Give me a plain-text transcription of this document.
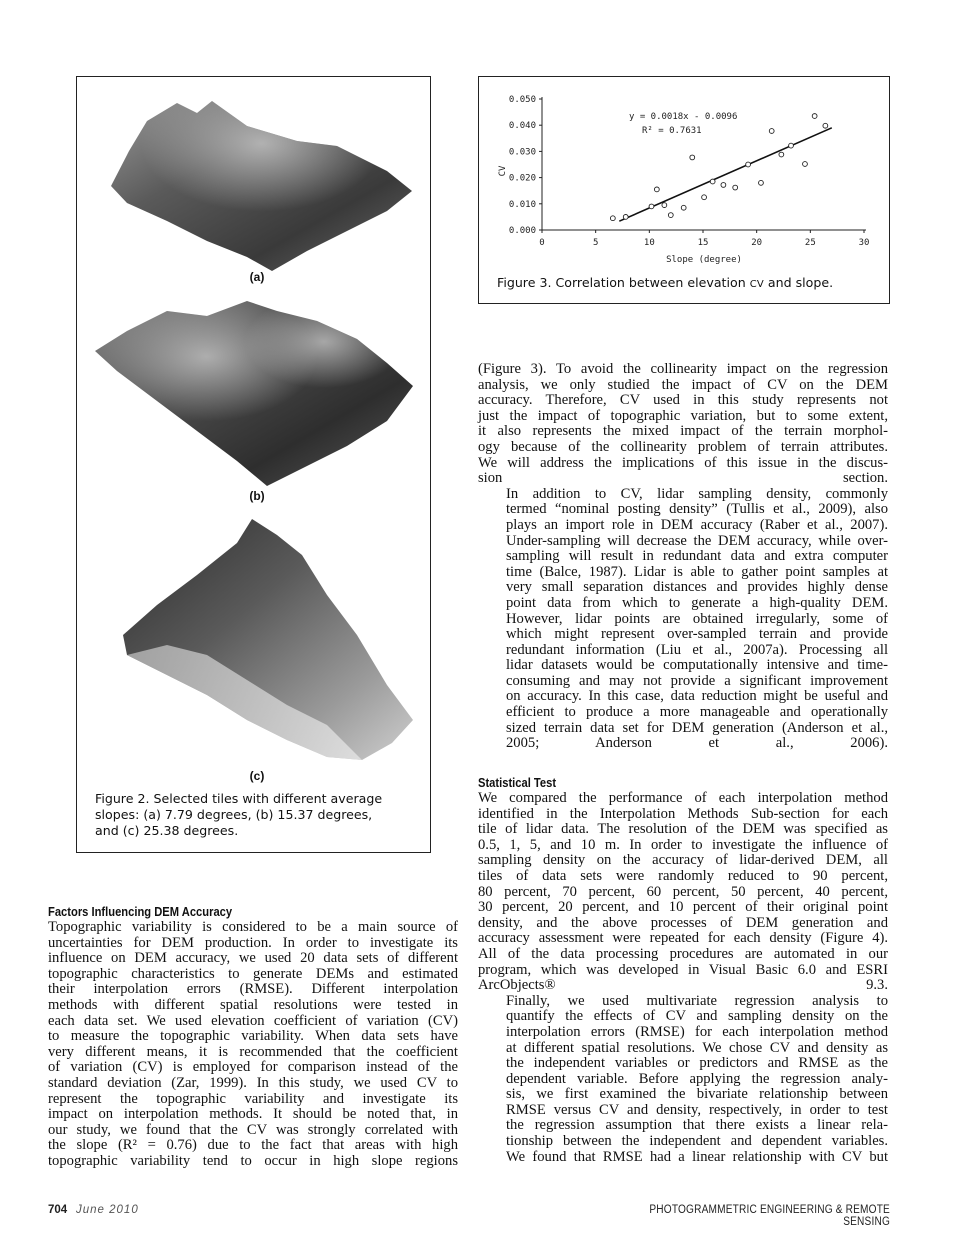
(a)
(b)
(c)
Figure 2. Selected tiles with different average
slopes: (a) 7.79 degrees, (b) 15.37 degrees,
and (c) 25.38 degrees.
0.000
0.010
0.020
0.030
0.040
0.050
0	5	10	15	20	25	30
y = 0.0018x - 0.0096
R² = 0.7631
CV
Slope (degree)
Figure 3. Correlation between elevation CV and slope.
Factors Influencing DEM Accuracy

Topographic variability is considered to be a main source of
uncertainties for DEM production. In order to investigate its
influence on DEM accuracy, we used 20 data sets of different
topographic characteristics to generate DEMs and estimated
their interpolation errors (RMSE). Different interpolation
methods with different spatial resolutions were tested in
each data set. We used elevation coefficient of variation (CV)
to measure the topographic variability. When data sets have
very different means, it is recommended that the coefficient
of variation (CV) is employed for comparison instead of the
standard deviation (Zar, 1999). In this study, we used CV to
represent the topographic variability and investigate its
impact on interpolation methods. It should be noted that, in
our study, we found that the CV was strongly correlated with
the slope (R² = 0.76) due to the fact that areas with high
topographic variability tend to occur in high slope regions

(Figure 3). To avoid the collinearity impact on the regression
analysis, we only studied the impact of CV on the DEM
accuracy. Therefore, CV used in this study represents not
just the impact of topographic variation, but to some extent,
it also represents the mixed impact of the terrain morphol-
ogy because of the collinearity problem of terrain attributes.
We will address the implications of this issue in the discus-
sion section.

In addition to CV, lidar sampling density, commonly
termed “nominal posting density” (Tullis et al., 2009), also
plays an import role in DEM accuracy (Raber et al., 2007).
Under-sampling will decrease the DEM accuracy, while over-
sampling will result in redundant data and extra computer
time (Balce, 1987). Lidar is able to gather point samples at
very small separation distances and provides highly dense
point data from which to generate a high-quality DEM.
However, lidar points are obtained irregularly, some of
which might represent over-sampled terrain and provide
redundant information (Liu et al., 2007a). Processing all
lidar datasets would be computationally intensive and time-
consuming and may not provide a significant improvement
on accuracy. In this case, data reduction might be useful and
efficient to produce a more manageable and operationally
sized terrain data set for DEM generation (Anderson et al.,
2005; Anderson et al., 2006).

Statistical Test

We compared the performance of each interpolation method
identified in the Interpolation Methods Sub-section for each
tile of lidar data. The resolution of the DEM was specified as
0.5, 1, 5, and 10 m. In order to investigate the influence of
sampling density on the accuracy of lidar-derived DEM, all
tiles of data sets were randomly reduced to 90 percent,
80 percent, 70 percent, 60 percent, 50 percent, 40 percent,
30 percent, 20 percent, and 10 percent of their original point
density, and the above processes of DEM generation and
accuracy assessment were repeated for each density (Figure 4).
All of the data processing procedures are automated in our
program, which was developed in Visual Basic 6.0 and ESRI
ArcObjects® 9.3.

Finally, we used multivariate regression analysis to
quantify the effects of CV and sampling density on the
interpolation errors (RMSE) for each interpolation method
at different spatial resolutions. We chose CV and density as
the independent variables or predictors and RMSE as the
dependent variable. Before applying the regression analy-
sis, we first examined the bivariate relationship between
RMSE versus CV and density, respectively, in order to test
the regression assumption that there exists a linear rela-
tionship between the independent and dependent variables.
We found that RMSE had a linear relationship with CV but

704 June 2010	PHOTOGRAMMETRIC ENGINEERING & REMOTE SENSING
